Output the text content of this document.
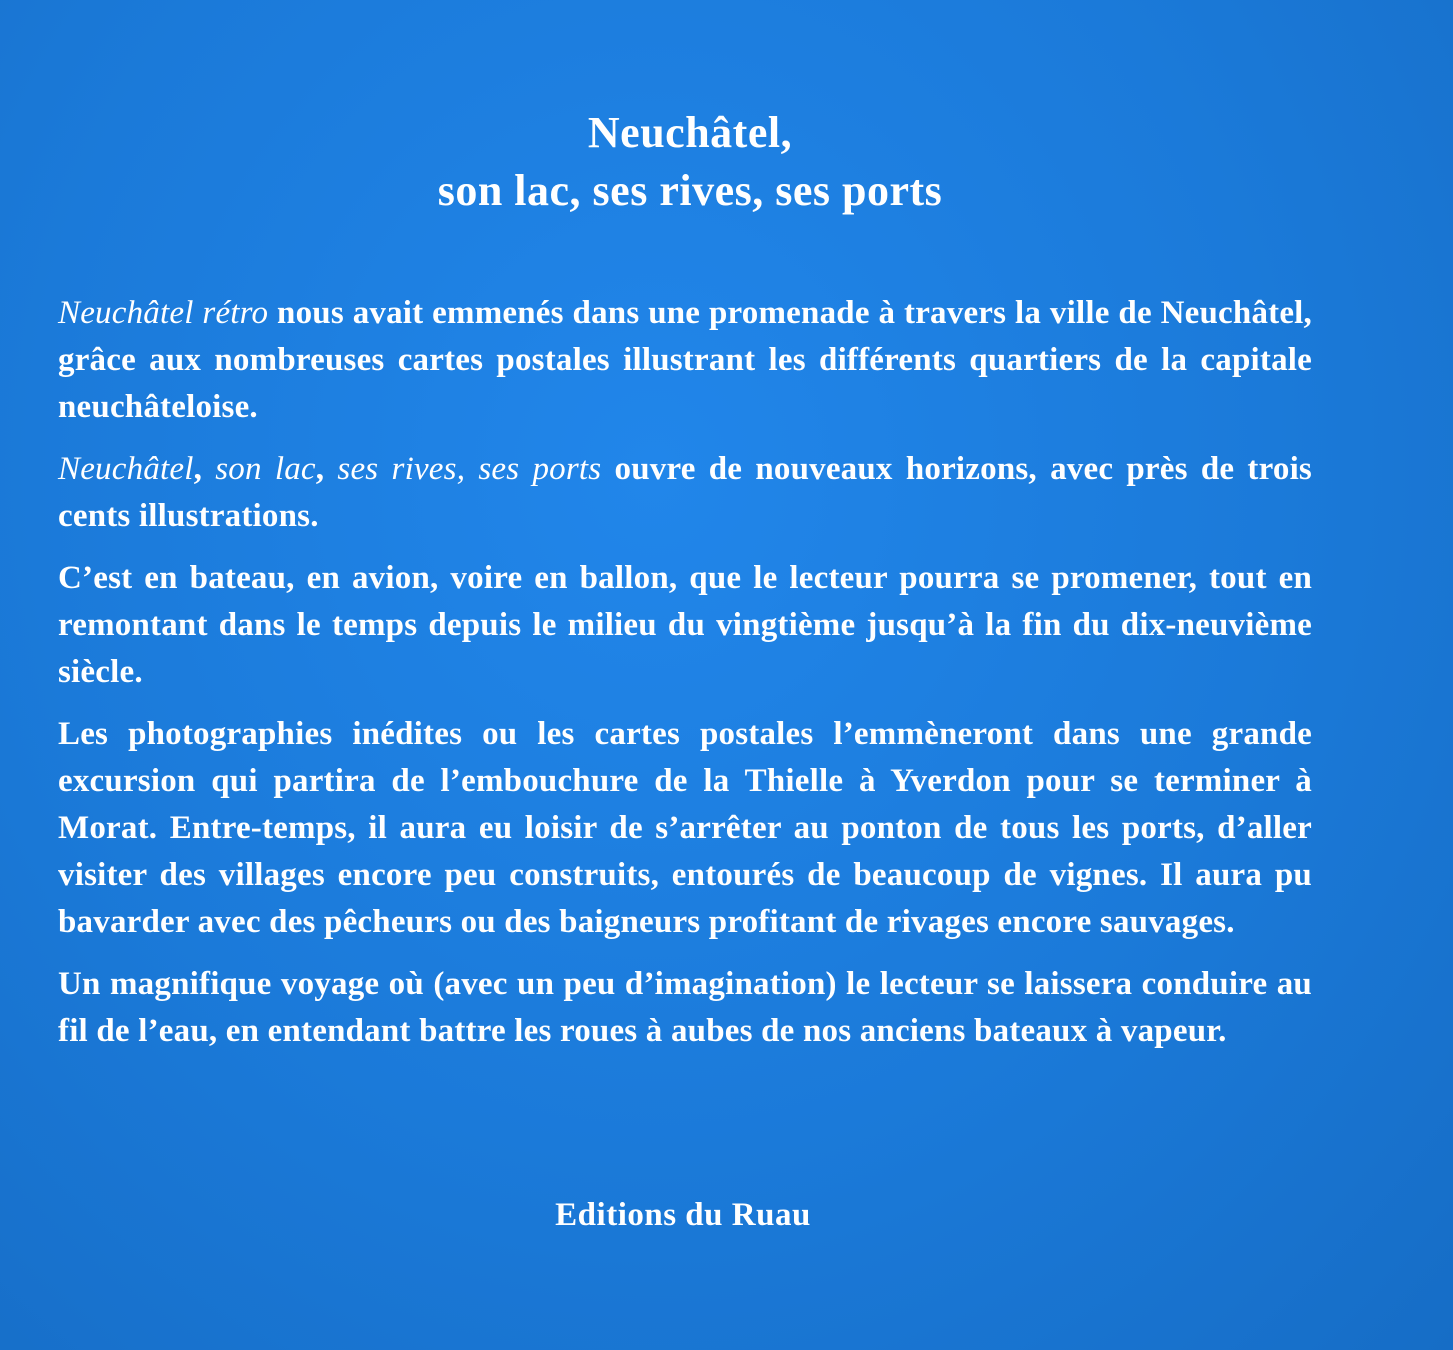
Neuchâtel,
son lac, ses rives, ses ports

Neuchâtel rétro nous avait emmenés dans une promenade à travers la ville de Neuchâtel, grâce aux nombreuses cartes postales illustrant les différents quartiers de la capitale neuchâteloise.

Neuchâtel, son lac, ses rives, ses ports ouvre de nouveaux horizons, avec près de trois cents illustrations.

C’est en bateau, en avion, voire en ballon, que le lecteur pourra se promener, tout en remontant dans le temps depuis le milieu du vingtième jusqu’à la fin du dix-neuvième siècle.

Les photographies inédites ou les cartes postales l’emmèneront dans une grande excursion qui partira de l’embouchure de la Thielle à Yverdon pour se terminer à Morat. Entre-temps, il aura eu loisir de s’arrêter au ponton de tous les ports, d’aller visiter des villages encore peu construits, entourés de beaucoup de vignes. Il aura pu bavarder avec des pêcheurs ou des baigneurs profitant de rivages encore sauvages.

Un magnifique voyage où (avec un peu d’imagination) le lecteur se laissera conduire au fil de l’eau, en entendant battre les roues à aubes de nos anciens bateaux à vapeur.

Editions du Ruau
